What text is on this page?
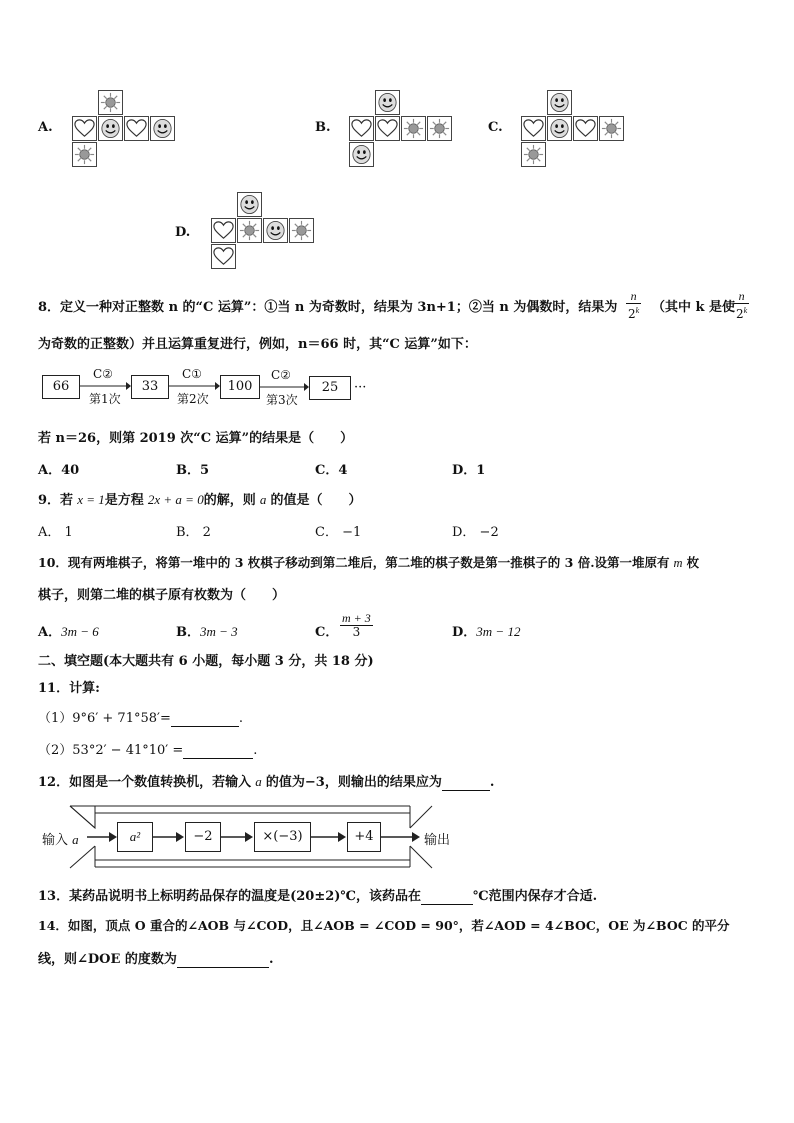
A.	B.	C.
D.
8．定义一种对正整数 n 的“C 运算”：①当 n 为奇数时，结果为 3n+1；②当 n 为偶数时，结果为 $\frac{n}{2^k}$ （其中 k 是使
$\frac{n}{2^k}$
为奇数的正整数）并且运算重复进行，例如，n＝66 时，其“C 运算”如下：
66	33	100	25
C②	C①	C②
第1次	第2次	第3次
···
若 n＝26，则第 2019 次“C 运算”的结果是（　　）
A．40	B．5	C．4	D．1
9．若 x = 1是方程 2x + a = 0的解，则 a 的值是（　　）
A． 1	B． 2	C． −1	D． −2
10．现有两堆棋子，将第一堆中的 3 枚棋子移动到第二堆后，第二堆的棋子数是第一推棋子的 3 倍.设第一堆原有 m 枚
棋子，则第二堆的棋子原有枚数为（　　）
A．3m − 6	B．3m − 3	C． $\frac{m + 3}{3}$	D．3m − 12
二、填空题(本大题共有 6 小题，每小题 3 分，共 18 分)
11．计算:
（1）9°6′ + 71°58′=	.
（2）53°2′ − 41°10′ =	.
12．如图是一个数值转换机，若输入 a 的值为−3，则输出的结果应为	.
输入 a	a²	−2	×(−3)	+4	输出
13．某药品说明书上标明药品保存的温度是(20±2)℃，该药品在	℃范围内保存才合适.
14．如图，顶点 O 重合的∠AOB 与∠COD，且∠AOB = ∠COD = 90°，若∠AOD = 4∠BOC，OE 为∠BOC 的平分
线，则∠DOE 的度数为	.
